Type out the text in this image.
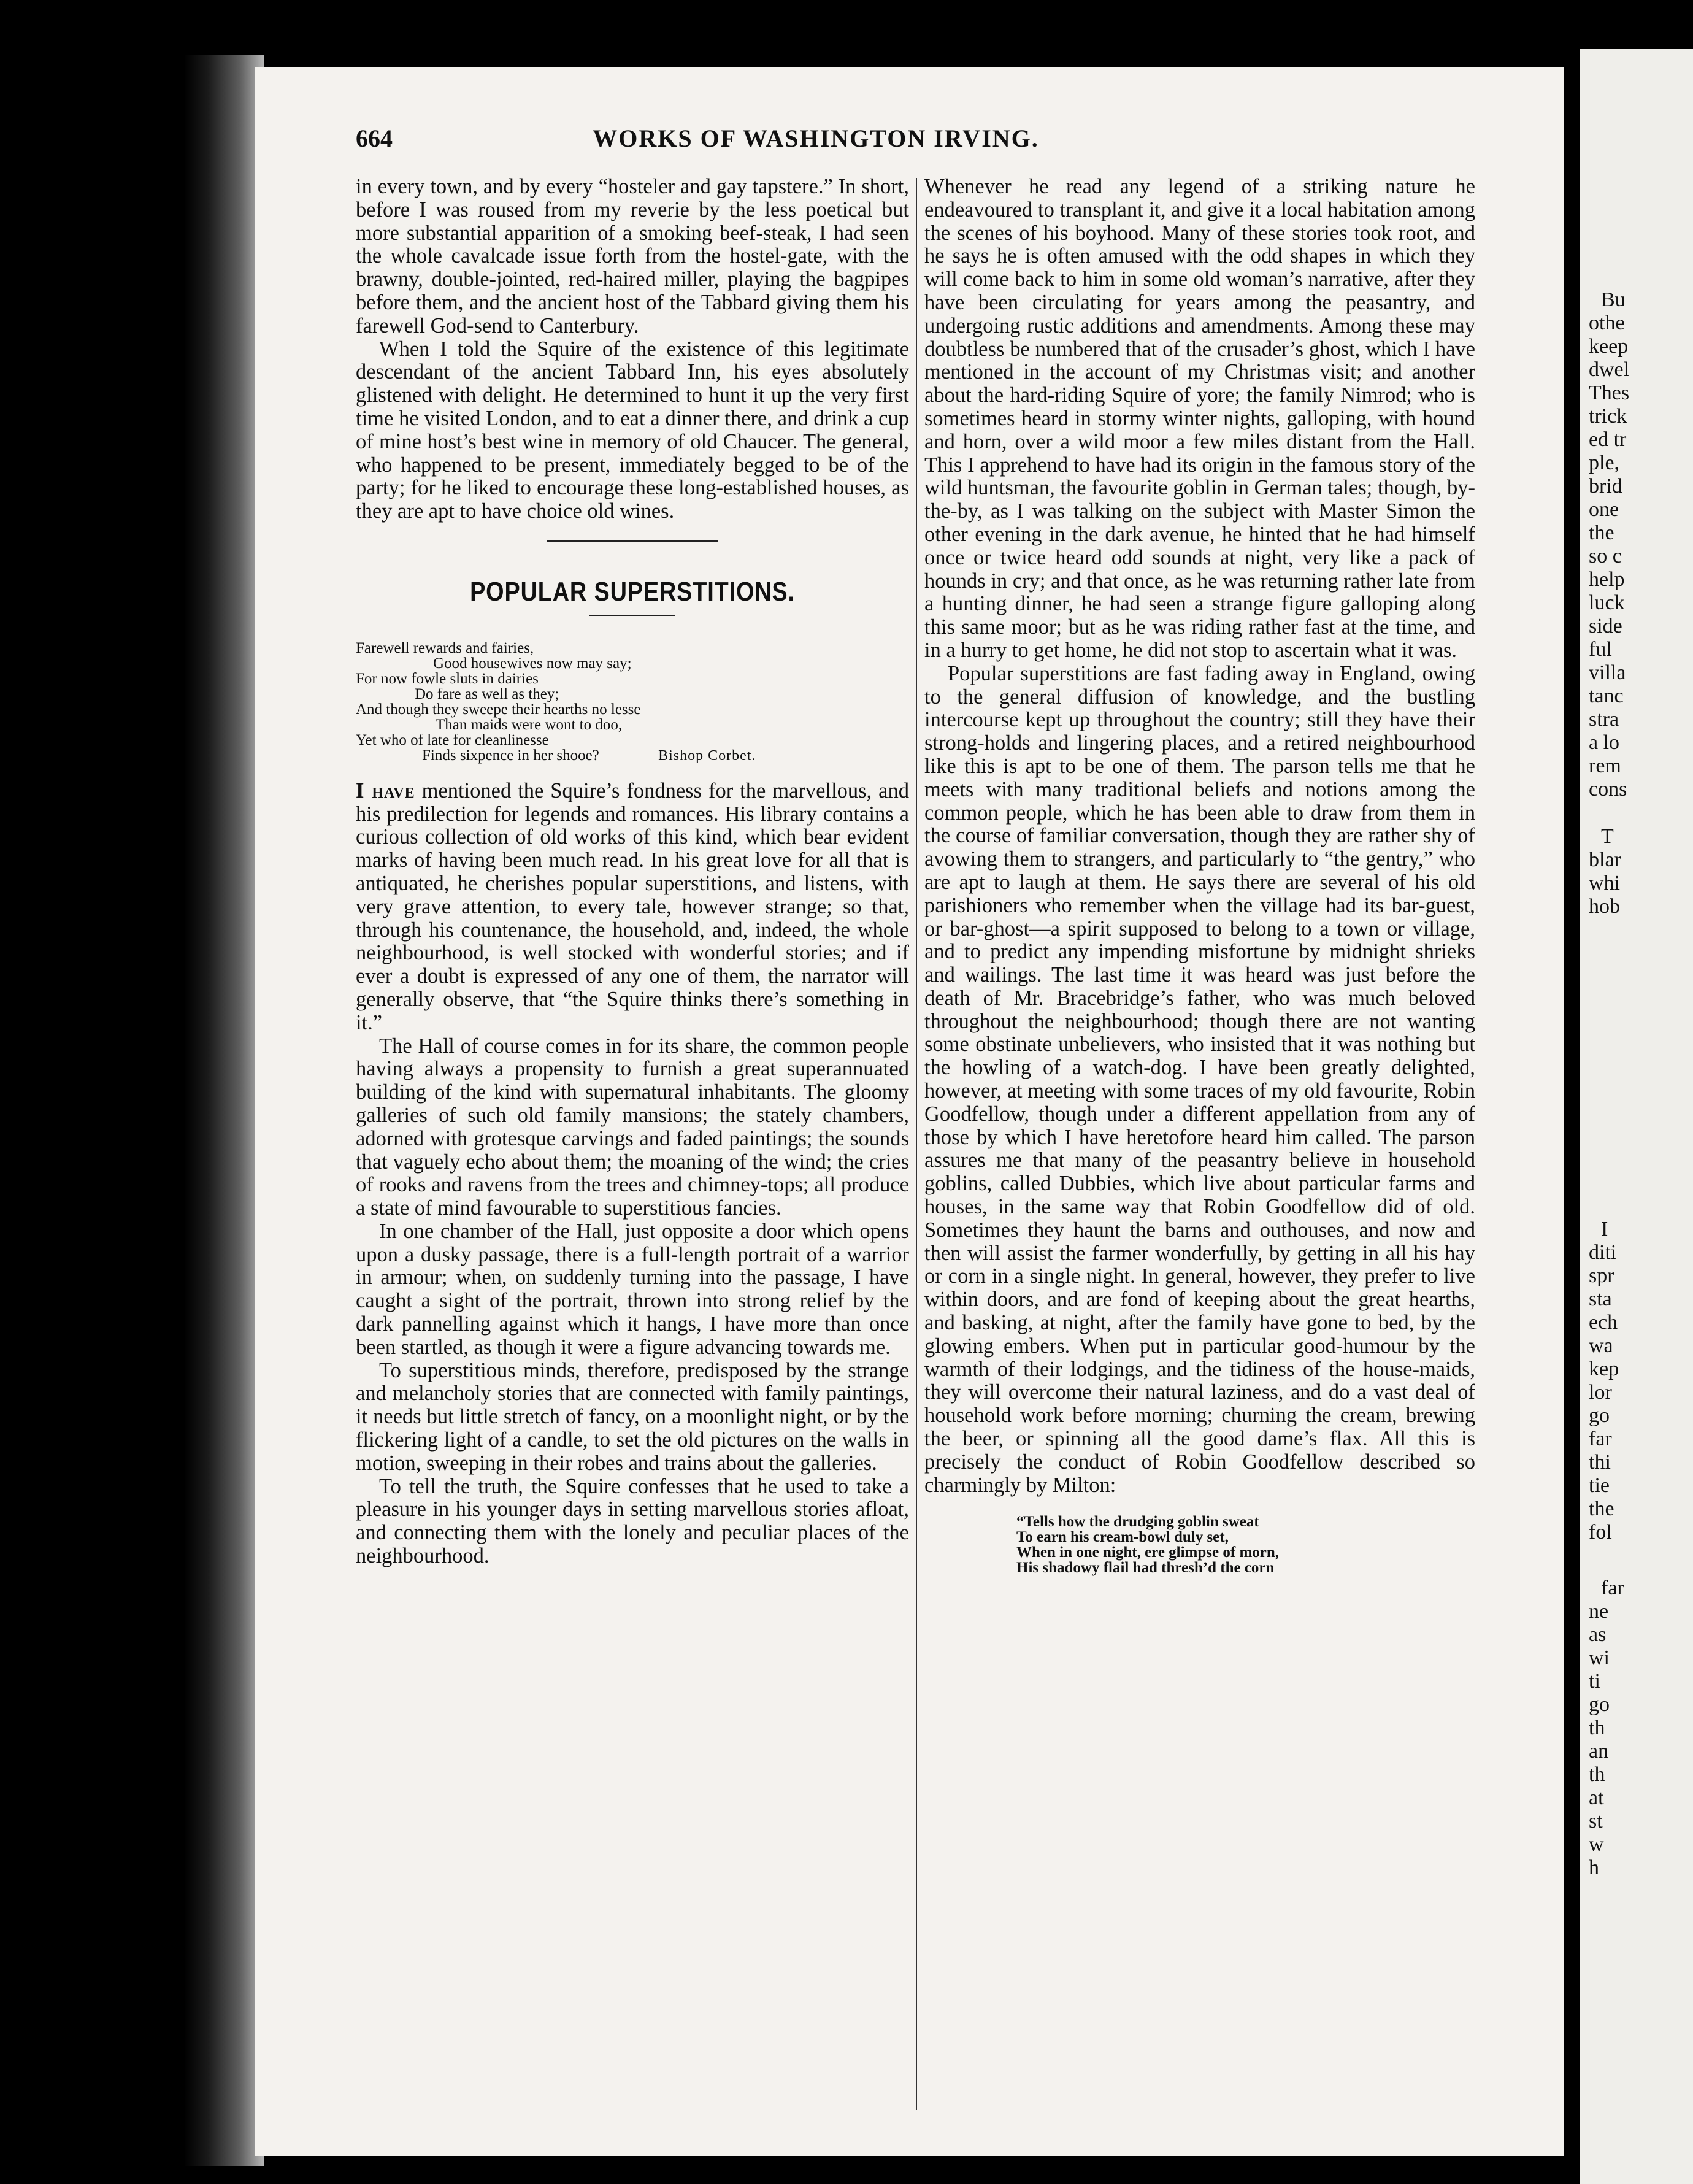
664	WORKS OF WASHINGTON IRVING.

in every town, and by every “hosteler and gay tapstere.” In short, before I was roused from my reverie by the less poetical but more substantial apparition of a smoking beef-steak, I had seen the whole cavalcade issue forth from the hostel-gate, with the brawny, double-jointed, red-haired miller, playing the bagpipes before them, and the ancient host of the Tabbard giving them his farewell God-send to Canterbury.

When I told the Squire of the existence of this legitimate descendant of the ancient Tabbard Inn, his eyes absolutely glistened with delight. He determined to hunt it up the very first time he visited London, and to eat a dinner there, and drink a cup of mine host’s best wine in memory of old Chaucer. The general, who happened to be present, immediately begged to be of the party; for he liked to encourage these long-established houses, as they are apt to have choice old wines.

POPULAR SUPERSTITIONS.
Farewell rewards and fairies,
Good housewives now may say;
For now fowle sluts in dairies
Do fare as well as they;
And though they sweepe their hearths no lesse
Than maids were wont to doo,
Yet who of late for cleanlinesse
Finds sixpence in her shooe?	Bishop Corbet.

I have mentioned the Squire’s fondness for the marvellous, and his predilection for legends and romances. His library contains a curious collection of old works of this kind, which bear evident marks of having been much read. In his great love for all that is antiquated, he cherishes popular superstitions, and listens, with very grave attention, to every tale, however strange; so that, through his countenance, the household, and, indeed, the whole neighbourhood, is well stocked with wonderful stories; and if ever a doubt is expressed of any one of them, the narrator will generally observe, that “the Squire thinks there’s something in it.”

The Hall of course comes in for its share, the common people having always a propensity to furnish a great superannuated building of the kind with supernatural inhabitants. The gloomy galleries of such old family mansions; the stately chambers, adorned with grotesque carvings and faded paintings; the sounds that vaguely echo about them; the moaning of the wind; the cries of rooks and ravens from the trees and chimney-tops; all produce a state of mind favourable to superstitious fancies.

In one chamber of the Hall, just opposite a door which opens upon a dusky passage, there is a full-length portrait of a warrior in armour; when, on suddenly turning into the passage, I have caught a sight of the portrait, thrown into strong relief by the dark pannelling against which it hangs, I have more than once been startled, as though it were a figure advancing towards me.

To superstitious minds, therefore, predisposed by the strange and melancholy stories that are connected with family paintings, it needs but little stretch of fancy, on a moonlight night, or by the flickering light of a candle, to set the old pictures on the walls in motion, sweeping in their robes and trains about the galleries.

To tell the truth, the Squire confesses that he used to take a pleasure in his younger days in setting marvellous stories afloat, and connecting them with the lonely and peculiar places of the neighbourhood.

Whenever he read any legend of a striking nature he endeavoured to transplant it, and give it a local habitation among the scenes of his boyhood. Many of these stories took root, and he says he is often amused with the odd shapes in which they will come back to him in some old woman’s narrative, after they have been circulating for years among the peasantry, and undergoing rustic additions and amendments. Among these may doubtless be numbered that of the crusader’s ghost, which I have mentioned in the account of my Christmas visit; and another about the hard-riding Squire of yore; the family Nimrod; who is sometimes heard in stormy winter nights, galloping, with hound and horn, over a wild moor a few miles distant from the Hall. This I apprehend to have had its origin in the famous story of the wild huntsman, the favourite goblin in German tales; though, by-the-by, as I was talking on the subject with Master Simon the other evening in the dark avenue, he hinted that he had himself once or twice heard odd sounds at night, very like a pack of hounds in cry; and that once, as he was returning rather late from a hunting dinner, he had seen a strange figure galloping along this same moor; but as he was riding rather fast at the time, and in a hurry to get home, he did not stop to ascertain what it was.

Popular superstitions are fast fading away in England, owing to the general diffusion of knowledge, and the bustling intercourse kept up throughout the country; still they have their strong-holds and lingering places, and a retired neighbourhood like this is apt to be one of them. The parson tells me that he meets with many traditional beliefs and notions among the common people, which he has been able to draw from them in the course of familiar conversation, though they are rather shy of avowing them to strangers, and particularly to “the gentry,” who are apt to laugh at them. He says there are several of his old parishioners who remember when the village had its bar-guest, or bar-ghost—a spirit supposed to belong to a town or village, and to predict any impending misfortune by midnight shrieks and wailings. The last time it was heard was just before the death of Mr. Bracebridge’s father, who was much beloved throughout the neighbourhood; though there are not wanting some obstinate unbelievers, who insisted that it was nothing but the howling of a watch-dog. I have been greatly delighted, however, at meeting with some traces of my old favourite, Robin Goodfellow, though under a different appellation from any of those by which I have heretofore heard him called. The parson assures me that many of the peasantry believe in household goblins, called Dubbies, which live about particular farms and houses, in the same way that Robin Goodfellow did of old. Sometimes they haunt the barns and outhouses, and now and then will assist the farmer wonderfully, by getting in all his hay or corn in a single night. In general, however, they prefer to live within doors, and are fond of keeping about the great hearths, and basking, at night, after the family have gone to bed, by the glowing embers. When put in particular good-humour by the warmth of their lodgings, and the tidiness of the house-maids, they will overcome their natural laziness, and do a vast deal of household work before morning; churning the cream, brewing the beer, or spinning all the good dame’s flax. All this is precisely the conduct of Robin Goodfellow described so charmingly by Milton:

“Tells how the drudging goblin sweat
To earn his cream-bowl duly set,
When in one night, ere glimpse of morn,
His shadowy flail had thresh’d the corn
Bu
othe
keep
dwel
Thes
trick
ed tr
ple,
brid
one
the
so c
help
luck
side
ful
villa
tanc
stra
a lo
rem
cons
T
blar
whi
hob
I
diti
spr
sta
ech
wa
kep
lor
go
far
thi
tie
the
fol
far
ne
as
wi
ti
go
th
an
th
at
st
w
h
